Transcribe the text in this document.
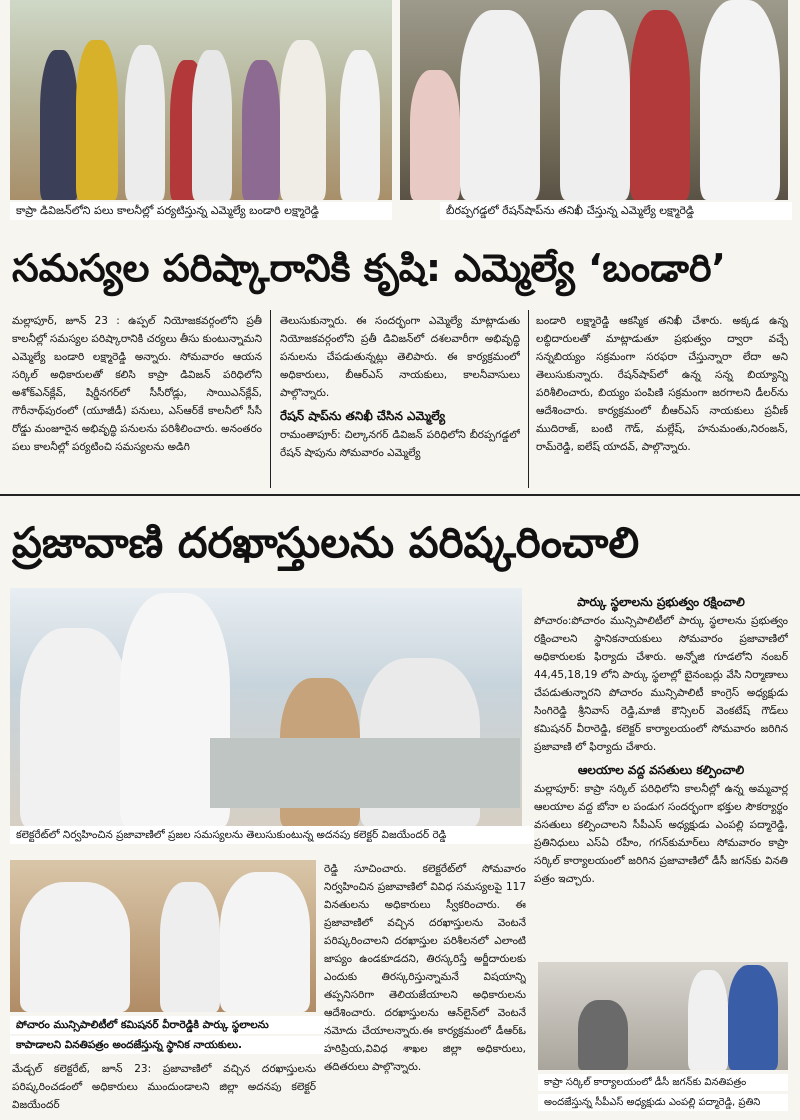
కాప్రా డివిజన్‌లోని పలు కాలనీల్లో పర్యటిస్తున్న ఎమ్మెల్యే బండారి లక్ష్మారెడ్డి	బీరప్పగడ్డలో రేషన్‌షాప్‌ను తనిఖీ చేస్తున్న ఎమ్మెల్యే లక్ష్మారెడ్డి
సమస్యల పరిష్కారానికి కృషి: ఎమ్మెల్యే ‘బండారి’

మల్లాపూర్, జూన్ 23 : ఉప్పల్ నియోజకవర్గంలోని ప్రతీ కాలనీల్లో సమస్యల పరిష్కారానికి చర్యలు తీసు కుంటున్నామని ఎమ్మెల్యే బండారి లక్ష్మారెడ్డి అన్నారు. సోమవారం ఆయన సర్కిల్ అధికారులతో కలిసి కాప్రా డివిజన్ పరిధిలోని అశోక్‌ఎన్‌క్లేవ్, షిర్డీనగర్‌లో సీసీరోడ్లు, సాయిఎన్‌క్లేవ్, గౌరీనాథ్‌పురంలో (యూజీడీ) పనులు, ఎస్‌ఆర్‌కే కాలనీలో సీసీ రోడ్డు మంజూరైన అభివృద్ధి పనులను పరిశీలించారు. అనంతరం పలు కాలనీల్లో పర్యటించి సమస్యలను అడిగి

తెలుసుకున్నారు. ఈ సందర్భంగా ఎమ్మెల్యే మాట్లాడుతు నియోజకవర్గంలోని ప్రతీ డివిజన్‌లో దశలవారీగా అభివృద్ధి పనులను చేపడుతున్నట్లు తెలిపారు. ఈ కార్యక్రమంలో అధికారులు, బీఆర్‌ఎస్ నాయకులు, కాలనీవాసులు పాల్గొన్నారు.

రేషన్ షాప్‌ను తనిఖీ చేసిన ఎమ్మెల్యే

రామంతాపూర్: చిల్కానగర్ డివిజన్ పరిధిలోని బీరప్పగడ్డలో రేషన్ షాపును సోమవారం ఎమ్మెల్యే

బండారి లక్ష్మారెడ్డి ఆకస్మిక తనిఖీ చేశారు. అక్కడ ఉన్న లబ్ధిదారులతో మాట్లాడుతూ ప్రభుత్వం ద్వారా వచ్చే సన్నబియ్యం సక్రమంగా సరఫరా చేస్తున్నారా లేదా అని తెలుసుకున్నారు. రేషన్‌షాప్‌లో ఉన్న సన్న బియ్యాన్ని పరిశీలించారు, బియ్యం పంపిణి సక్రమంగా జరగాలని డీలర్‌ను ఆదేశించారు. కార్యక్రమంలో బీఆర్‌ఎస్ నాయకులు ప్రవీణ్ ముదిరాజ్, బంటి గౌడ్, మల్లేష్, హనుమంతు,నిరంజన్, రామ్‌రెడ్డి, ఐలేష్ యాదవ్, పాల్గొన్నారు.

ప్రజావాణి దరఖాస్తులను పరిష్కరించాలి
కలెక్టరేట్‌లో నిర్వహించిన ప్రజావాణిలో ప్రజల సమస్యలను తెలుసుకుంటున్న అదనపు కలెక్టర్ విజయేందర్ రెడ్డి

పార్కు స్థలాలను ప్రభుత్వం రక్షించాలి

పోచారం:పోచారం మున్సిపాలిటీలో పార్కు స్థలాలను ప్రభుత్వం రక్షించాలని స్థానికనాయకులు సోమవారం ప్రజావాణిలో అధికారులకు ఫిర్యాదు చేశారు. అన్నోజి గూడలోని నంబర్ 44,45,18,19 లోని పార్కు స్థలాల్లో బైనంబర్లు వేసి నిర్మాణాలు చేపడుతున్నారని పోచారం మున్సిపాలిటీ కాంగ్రెస్ అధ్యక్షుడు సింగిరెడ్డి శ్రీనివాస్ రెడ్డి,మాజీ కౌన్సిలర్ వెంకటేష్ గౌడ్‌లు కమిషనర్ వీరారెడ్డి, కలెక్టర్ కార్యాలయంలో సోమవారం జరిగిన ప్రజావాణి లో ఫిర్యాదు చేశారు.

ఆలయాల వద్ద వసతులు కల్పించాలి

మల్లాపూర్: కాప్రా సర్కిల్ పరిధిలోని కాలనీల్లో ఉన్న అమ్మవార్ల ఆలయాల వద్ద బోనా ల పండుగ సందర్భంగా భక్తుల సౌకర్యార్థం వసతులు కల్పించాలని సీపీఎస్ అధ్యక్షుడు ఎంపల్లి పద్మారెడ్డి, ప్రతినిధులు ఎస్‌ఏ రహీం, గగన్‌కుమార్‌లు సోమవారం కాప్రా సర్కిల్ కార్యాలయంలో జరిగిన ప్రజావాణిలో డీసీ జగన్‌కు వినతి పత్రం ఇచ్చారు.

పోచారం మున్సిపాలిటీలో కమిషనర్ వీరారెడ్డికి పార్కు స్థలాలను
కాపాడాలని వినతిపత్రం అందజేస్తున్న స్థానిక నాయకులు.

మేడ్చల్ కలెక్టరేట్, జూన్ 23: ప్రజావాణిలో వచ్చిన దరఖాస్తులను పరిష్కరించడంలో అధికారులు ముందుండాలని జిల్లా అదనపు కలెక్టర్ విజయేందర్

రెడ్డి సూచించారు. కలెక్టరేట్‌లో సోమవారం నిర్వహించిన ప్రజావాణిలో వివిధ సమస్యలపై 117 వినతులను అధికారులు స్వీకరించారు. ఈ ప్రజావాణిలో వచ్చిన దరఖాస్తులను వెంటనే పరిష్కరించాలని దరఖాస్తుల పరిశీలనలో ఎలాంటి జాప్యం ఉండకూడదని, తిరస్కరిస్తే అర్జీదారులకు ఎందుకు తిరస్కరిస్తున్నామనే విషయాన్ని తప్పనిసరిగా తెలియజేయాలని అధికారులను ఆదేశించారు. దరఖాస్తులను ఆన్‌లైన్‌లో వెంటనే నమోదు చేయాలన్నారు.ఈ కార్యక్రమంలో డీఆర్‌ఓ హరిప్రియ,వివిధ శాఖల జిల్లా అధికారులు, తదితరులు పాల్గొన్నారు.

కాప్రా సర్కిల్ కార్యాలయంలో డీసీ జగన్‌కు వినతిపత్రం
అందజేస్తున్న సీపీఎస్ అధ్యక్షుడు ఎంపల్లి పద్మారెడ్డి, ప్రతిని
